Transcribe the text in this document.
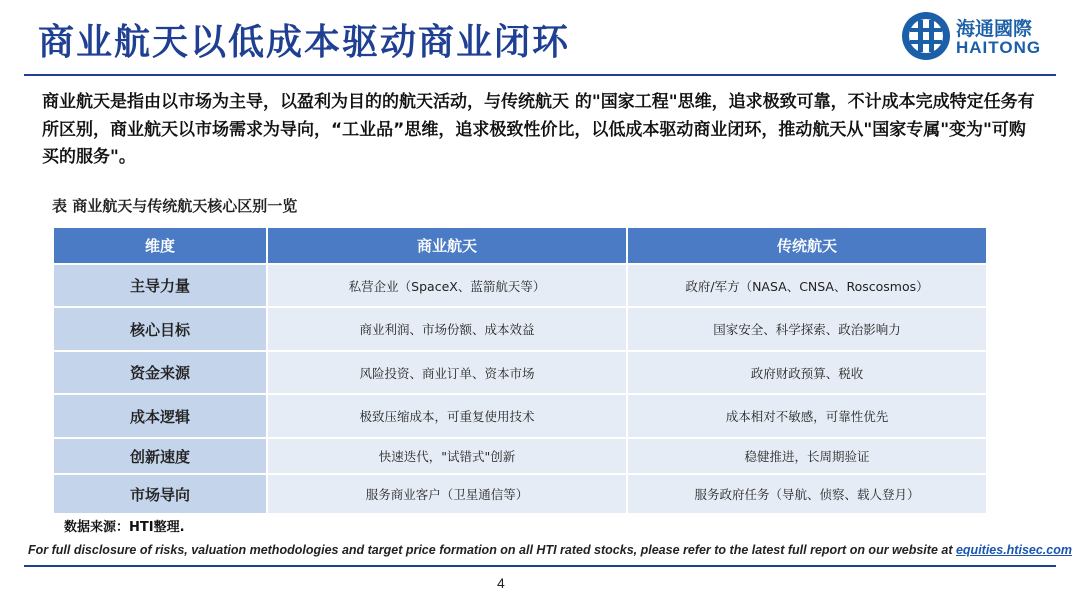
商业航天以低成本驱动商业闭环	海通國際
HAITONG
商业航天是指由以市场为主导，以盈利为目的的航天活动，与传统航天 的"国家工程"思维，追求极致可靠，不计成本完成特定任务有所区别，商业航天以市场需求为导向，“工业品”思维，追求极致性价比，以低成本驱动商业闭环，推动航天从"国家专属"变为"可购买的服务"。
表 商业航天与传统航天核心区别一览
维度	商业航天	传统航天
主导力量	私营企业（SpaceX、蓝箭航天等）	政府/军方（NASA、CNSA、Roscosmos）
核心目标	商业利润、市场份额、成本效益	国家安全、科学探索、政治影响力
资金来源	风险投资、商业订单、资本市场	政府财政预算、税收
成本逻辑	极致压缩成本，可重复使用技术	成本相对不敏感，可靠性优先
创新速度	快速迭代，"试错式"创新	稳健推进，长周期验证
市场导向	服务商业客户（卫星通信等）	服务政府任务（导航、侦察、载人登月）
数据来源：HTI整理.
For full disclosure of risks, valuation methodologies and target price formation on all HTI rated stocks, please refer to the latest full report on our website at equities.htisec.com
4
